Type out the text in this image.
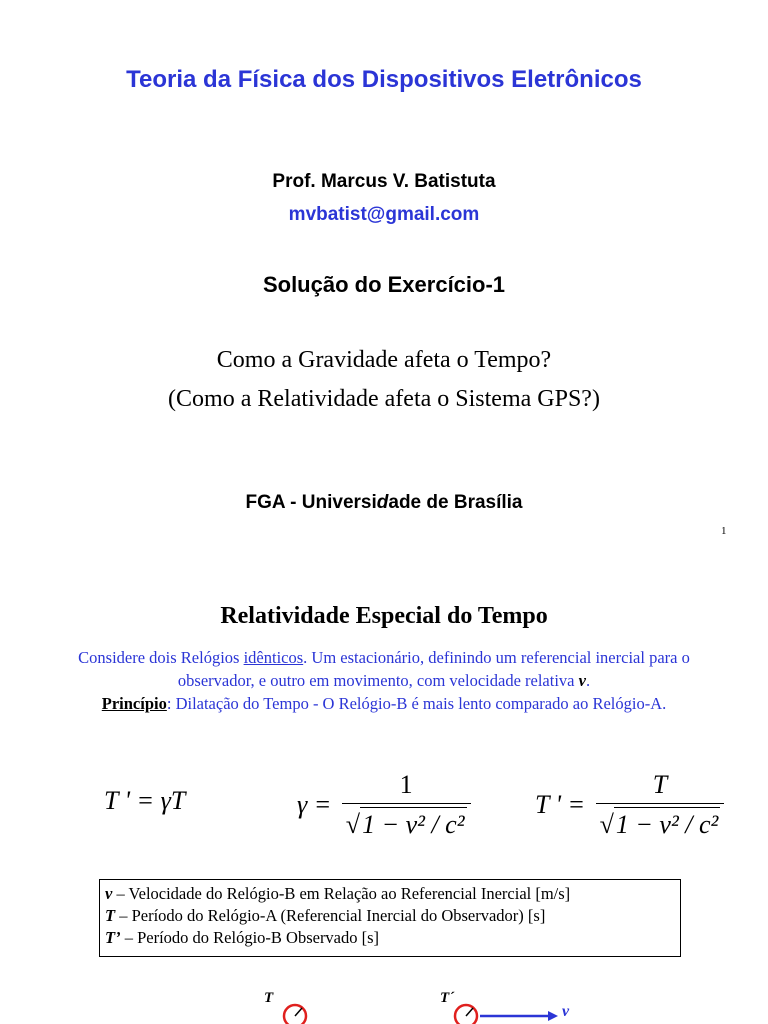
Teoria da Física dos Dispositivos Eletrônicos
Prof. Marcus V. Batistuta
mvbatist@gmail.com
Solução do Exercício-1
Como a Gravidade afeta o Tempo?
(Como a Relatividade afeta o Sistema GPS?)
FGA - Universidade de Brasília
1
Relatividade Especial do Tempo
Considere dois Relógios idênticos. Um estacionário, definindo um referencial inercial para o observador, e outro em movimento, com velocidade relativa v.
Princípio: Dilatação do Tempo - O Relógio-B é mais lento comparado ao Relógio-A.
T ' = γT	$\gamma = \frac{1}{\text{√1 − v² / c²}}$ T ' = $\frac{T}{\text{√1 − v² / c²}}$
v – Velocidade do Relógio-B em Relação ao Referencial Inercial [m/s]
T – Período do Relógio-A (Referencial Inercial do Observador) [s]
T’ – Período do Relógio-B Observado [s]
T	T´
v
